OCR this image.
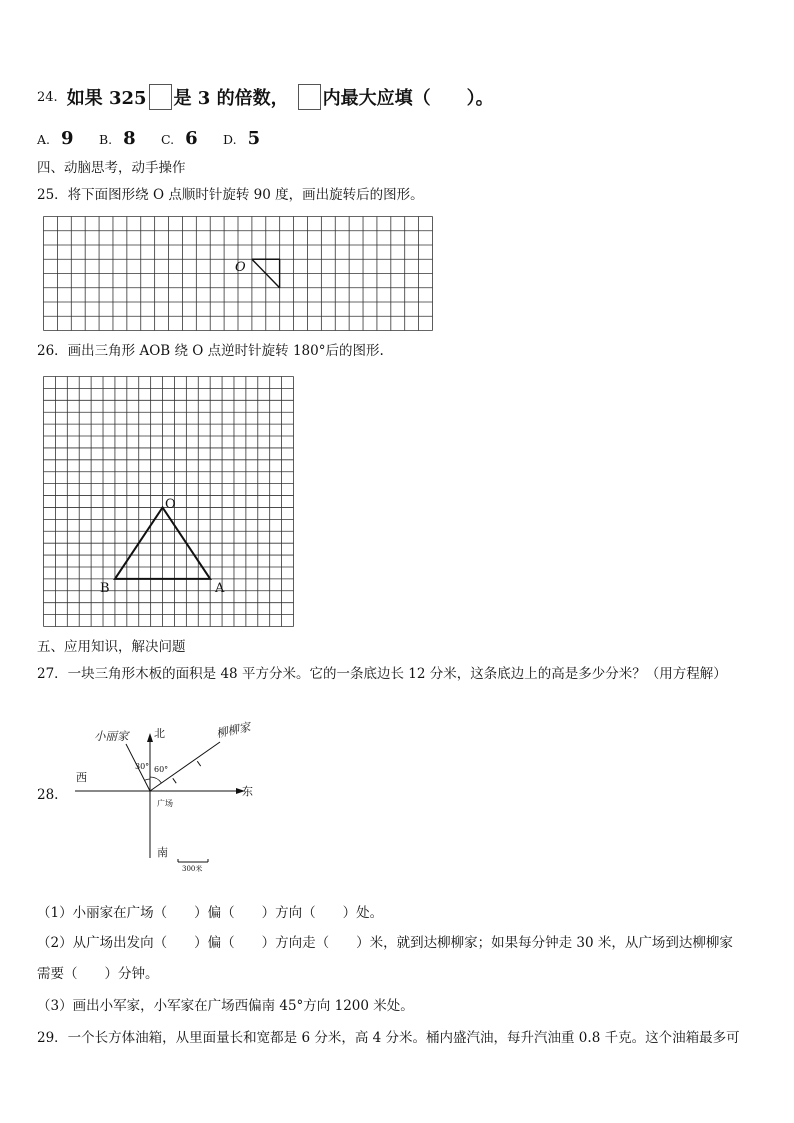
24. 如果 325 是 3 的倍数， 内最大应填（　　）。
A. 9 B. 8 C. 6 D. 5
四、动脑思考，动手操作
25．将下面图形绕 O 点顺时针旋转 90 度，画出旋转后的图形。
O
26．画出三角形 AOB 绕 O 点逆时针旋转 180°后的图形.
O
B	A
五、应用知识，解决问题
27．一块三角形木板的面积是 48 平方分米。它的一条底边长 12 分米，这条底边上的高是多少分米？（用方程解）
28.
北
西
东
南
广场
小丽家	柳柳家
30° 60°
300米
（1）小丽家在广场（　　）偏（　　）方向（　　）处。
（2）从广场出发向（　　）偏（　　）方向走（　　）米，就到达柳柳家；如果每分钟走 30 米，从广场到达柳柳家
需要（　　）分钟。
（3）画出小军家，小军家在广场西偏南 45°方向 1200 米处。
29．一个长方体油箱，从里面量长和宽都是 6 分米，高 4 分米。桶内盛汽油，每升汽油重 0.8 千克。这个油箱最多可
